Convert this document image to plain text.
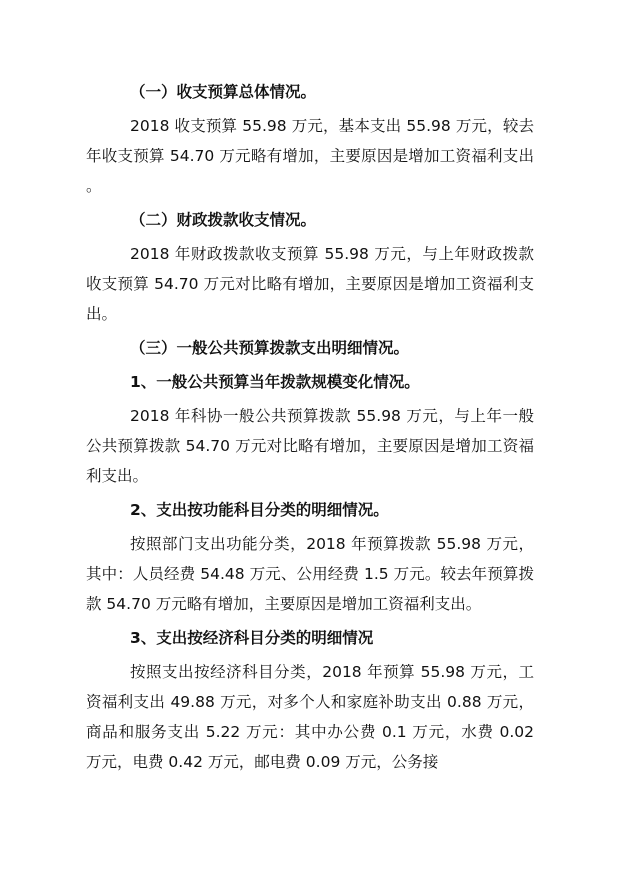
（一）收支预算总体情况。
2018 收支预算 55.98 万元，基本支出 55.98 万元，较去年收支预算 54.70 万元略有增加，主要原因是增加工资福利支出。
（二）财政拨款收支情况。
2018 年财政拨款收支预算 55.98 万元，与上年财政拨款收支预算 54.70 万元对比略有增加，主要原因是增加工资福利支出。
（三）一般公共预算拨款支出明细情况。
1、一般公共预算当年拨款规模变化情况。
2018 年科协一般公共预算拨款 55.98 万元，与上年一般公共预算拨款 54.70 万元对比略有增加，主要原因是增加工资福利支出。
2、支出按功能科目分类的明细情况。
按照部门支出功能分类，2018 年预算拨款 55.98 万元，其中：人员经费 54.48 万元、公用经费 1.5 万元。较去年预算拨款 54.70 万元略有增加，主要原因是增加工资福利支出。
3、支出按经济科目分类的明细情况
按照支出按经济科目分类，2018 年预算 55.98 万元，工资福利支出 49.88 万元，对多个人和家庭补助支出 0.88 万元，商品和服务支出 5.22 万元：其中办公费 0.1 万元，水费 0.02 万元，电费 0.42 万元，邮电费 0.09 万元，公务接
